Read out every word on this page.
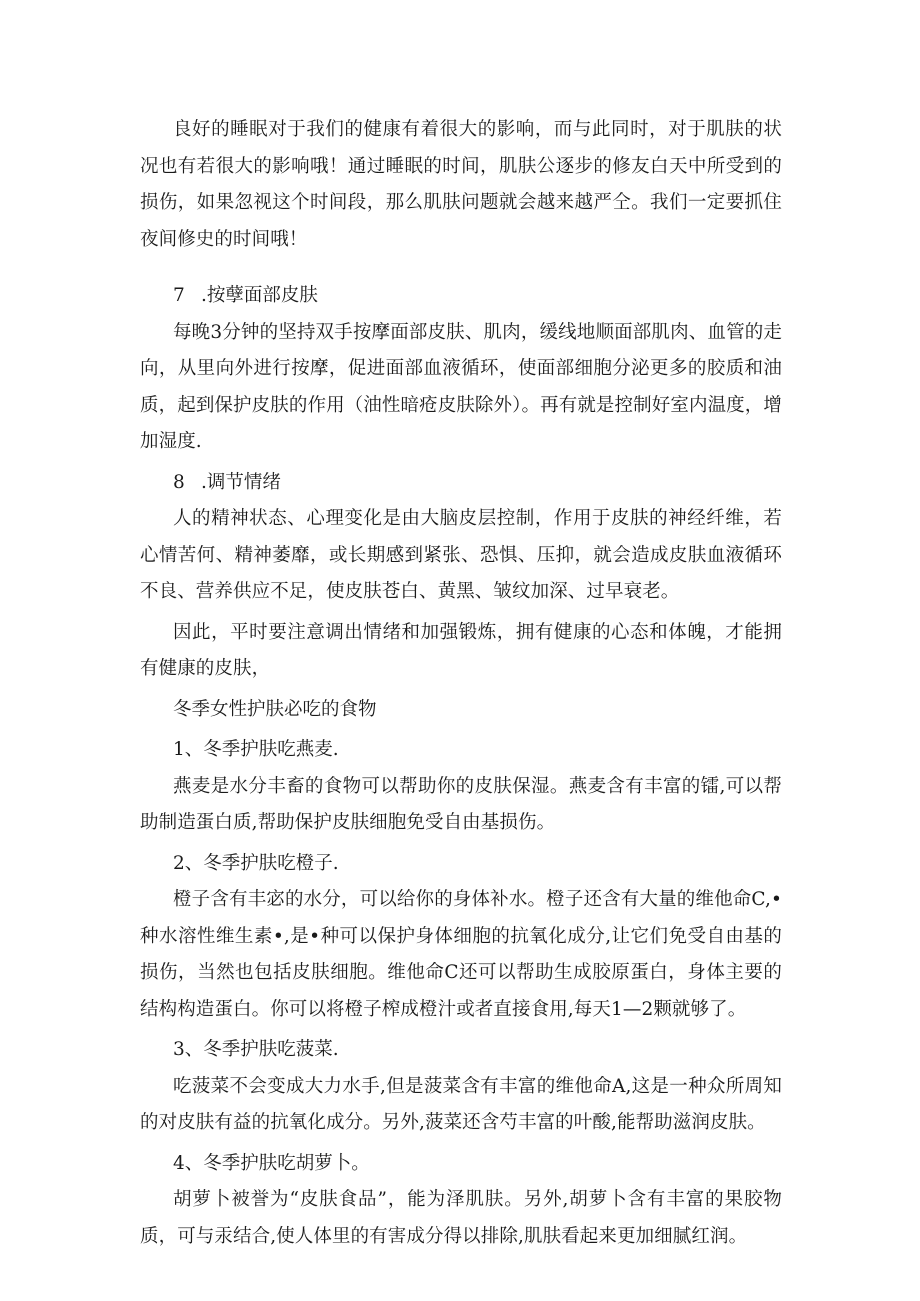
良好的睡眠对于我们的健康有着很大的影响，而与此同时，对于肌肤的状况也有若很大的影响哦！通过睡眠的时间，肌肤公逐步的修友白天中所受到的损伤，如果忽视这个时间段，那么肌肤问题就会越来越严仝。我们一定要抓住夜间修史的时间哦！

7 .按孽面部皮肤

每晚3分钟的坚持双手按摩面部皮肤、肌肉，缓线地顺面部肌肉、血管的走向，从里向外进行按摩，促进面部血液循环，使面部细胞分泌更多的胶质和油质，起到保护皮肤的作用（油性暗疮皮肤除外）。再有就是控制好室内温度，增加湿度.

8 .调节情绪

人的精神状态、心理变化是由大脑皮层控制，作用于皮肤的神经纤维，若心情苦何、精神萎靡，或长期感到紧张、恐惧、压抑，就会造成皮肤血液循环不良、营养供应不足，使皮肤苍白、黄黑、皱纹加深、过早衰老。

因此，平时要注意调出情绪和加强锻炼，拥有健康的心态和体魄，才能拥有健康的皮肤，

冬季女性护肤必吃的食物

1、冬季护肤吃燕麦.

燕麦是水分丰畜的食物可以帮助你的皮肤保湿。燕麦含有丰富的镭,可以帮助制造蛋白质,帮助保护皮肤细胞免受自由基损伤。

2、冬季护肤吃橙子.

橙子含有丰宓的水分，可以给你的身体补水。橙子还含有大量的维他命C,•种水溶性维生素•,是•种可以保护身体细胞的抗氧化成分,让它们免受自由基的损伤，当然也包括皮肤细胞。维他命C还可以帮助生成胶原蛋白，身体主要的结构构造蛋白。你可以将橙子榨成橙汁或者直接食用,每天1—2颗就够了。

3、冬季护肤吃菠菜.

吃菠菜不会变成大力水手,但是菠菜含有丰富的维他命A,这是一种众所周知的对皮肤有益的抗氧化成分。另外,菠菜还含芍丰富的叶酸,能帮助滋润皮肤。

4、冬季护肤吃胡萝卜。

胡萝卜被誉为“皮肤食品”，能为泽肌肤。另外,胡萝卜含有丰富的果胶物质，可与汞结合,使人体里的有害成分得以排除,肌肤看起来更加细腻红润。
